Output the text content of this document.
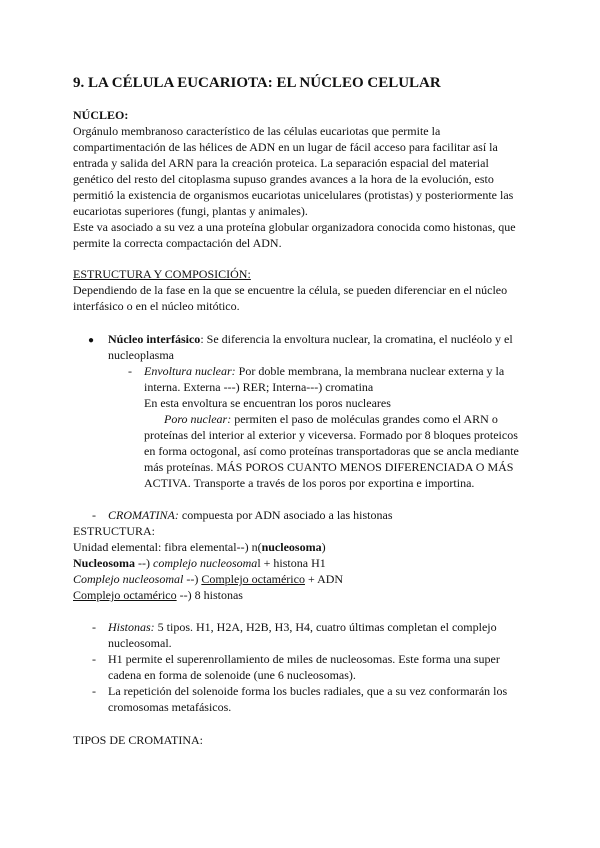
9. LA CÉLULA EUCARIOTA: EL NÚCLEO CELULAR
NÚCLEO:
Orgánulo membranoso característico de las células eucariotas que permite la
compartimentación de las hélices de ADN en un lugar de fácil acceso para facilitar así la
entrada y salida del ARN para la creación proteica. La separación espacial del material
genético del resto del citoplasma supuso grandes avances a la hora de la evolución, esto
permitió la existencia de organismos eucariotas unicelulares (protistas) y posteriormente las
eucariotas superiores (fungi, plantas y animales).
Este va asociado a su vez a una proteína globular organizadora conocida como histonas, que
permite la correcta compactación del ADN.
ESTRUCTURA Y COMPOSICIÓN:
Dependiendo de la fase en la que se encuentre la célula, se pueden diferenciar en el núcleo
interfásico o en el núcleo mitótico.
● Núcleo interfásico: Se diferencia la envoltura nuclear, la cromatina, el nucléolo y el
nucleoplasma
- Envoltura nuclear: Por doble membrana, la membrana nuclear externa y la
interna. Externa ---) RER; Interna---) cromatina
En esta envoltura se encuentran los poros nucleares
Poro nuclear: permiten el paso de moléculas grandes como el ARN o
proteínas del interior al exterior y viceversa. Formado por 8 bloques proteicos
en forma octogonal, así como proteínas transportadoras que se ancla mediante
más proteínas. MÁS POROS CUANTO MENOS DIFERENCIADA O MÁS
ACTIVA. Transporte a través de los poros por exportina e importina.
- CROMATINA: compuesta por ADN asociado a las histonas
ESTRUCTURA:
Unidad elemental: fibra elemental--) n(nucleosoma)
Nucleosoma --) complejo nucleosomal + histona H1
Complejo nucleosomal --) Complejo octamérico + ADN
Complejo octamérico --) 8 histonas
- Histonas: 5 tipos. H1, H2A, H2B, H3, H4, cuatro últimas completan el complejo
nucleosomal.
- H1 permite el superenrollamiento de miles de nucleosomas. Este forma una super
cadena en forma de solenoide (une 6 nucleosomas).
- La repetición del solenoide forma los bucles radiales, que a su vez conformarán los
cromosomas metafásicos.
TIPOS DE CROMATINA:
